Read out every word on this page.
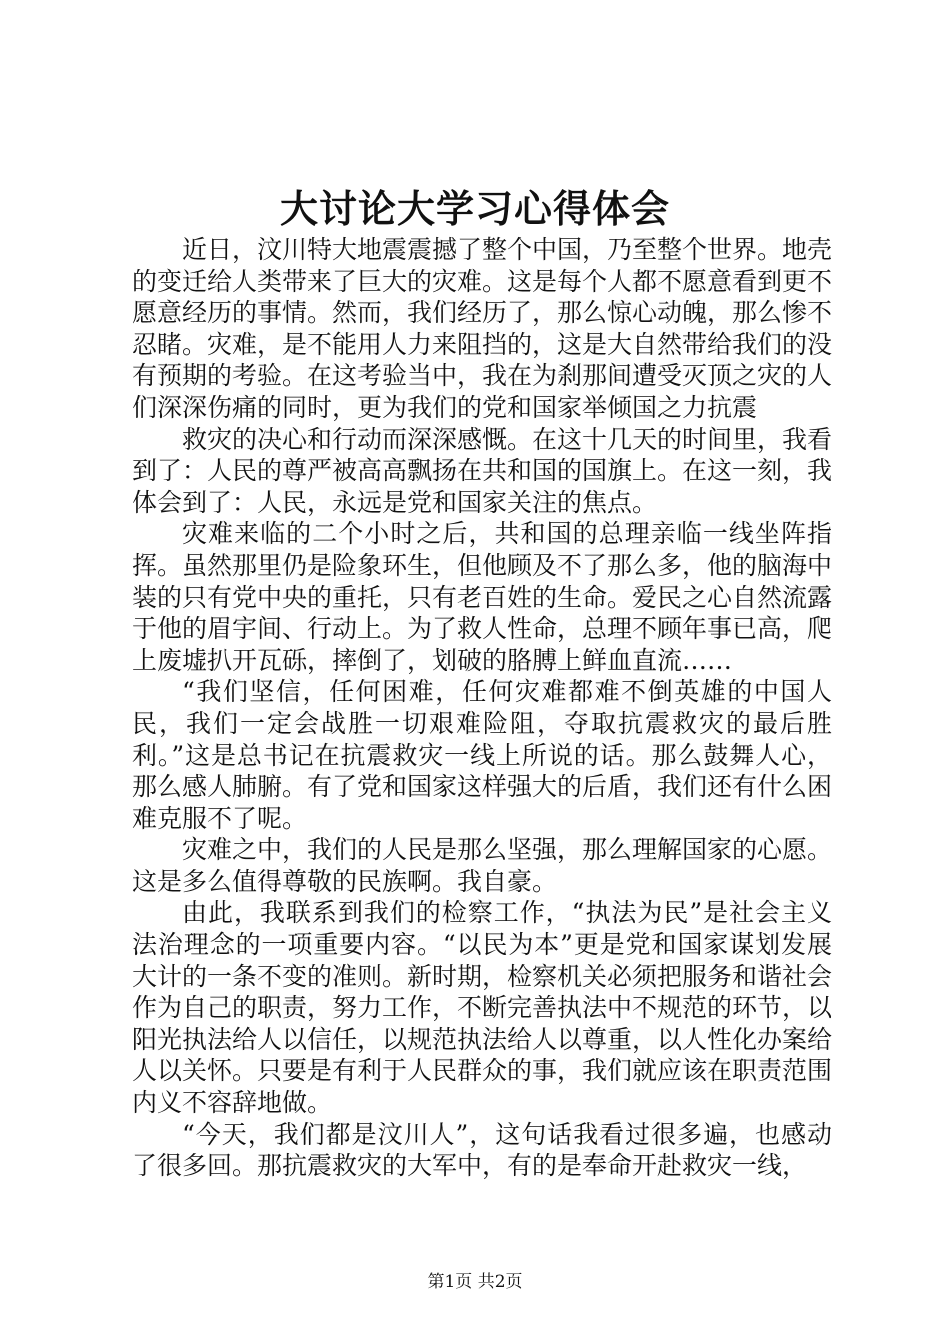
大讨论大学习心得体会

近日，汶川特大地震震撼了整个中国，乃至整个世界。地壳的变迁给人类带来了巨大的灾难。这是每个人都不愿意看到更不愿意经历的事情。然而，我们经历了，那么惊心动魄，那么惨不忍睹。灾难，是不能用人力来阻挡的，这是大自然带给我们的没有预期的考验。在这考验当中，我在为刹那间遭受灭顶之灾的人们深深伤痛的同时，更为我们的党和国家举倾国之力抗震

救灾的决心和行动而深深感慨。在这十几天的时间里，我看到了：人民的尊严被高高飘扬在共和国的国旗上。在这一刻，我体会到了：人民，永远是党和国家关注的焦点。

灾难来临的二个小时之后，共和国的总理亲临一线坐阵指挥。虽然那里仍是险象环生，但他顾及不了那么多，他的脑海中装的只有党中央的重托，只有老百姓的生命。爱民之心自然流露于他的眉宇间、行动上。为了救人性命，总理不顾年事已高，爬上废墟扒开瓦砾，摔倒了，划破的胳膊上鲜血直流……

“我们坚信，任何困难，任何灾难都难不倒英雄的中国人民，我们一定会战胜一切艰难险阻，夺取抗震救灾的最后胜利。”这是总书记在抗震救灾一线上所说的话。那么鼓舞人心，那么感人肺腑。有了党和国家这样强大的后盾，我们还有什么困难克服不了呢。

灾难之中，我们的人民是那么坚强，那么理解国家的心愿。这是多么值得尊敬的民族啊。我自豪。

由此，我联系到我们的检察工作，“执法为民”是社会主义法治理念的一项重要内容。“以民为本”更是党和国家谋划发展大计的一条不变的准则。新时期，检察机关必须把服务和谐社会作为自己的职责，努力工作，不断完善执法中不规范的环节，以阳光执法给人以信任，以规范执法给人以尊重，以人性化办案给人以关怀。只要是有利于人民群众的事，我们就应该在职责范围内义不容辞地做。

“今天，我们都是汶川人”，这句话我看过很多遍，也感动了很多回。那抗震救灾的大军中，有的是奉命开赴救灾一线，

第1页 共2页
